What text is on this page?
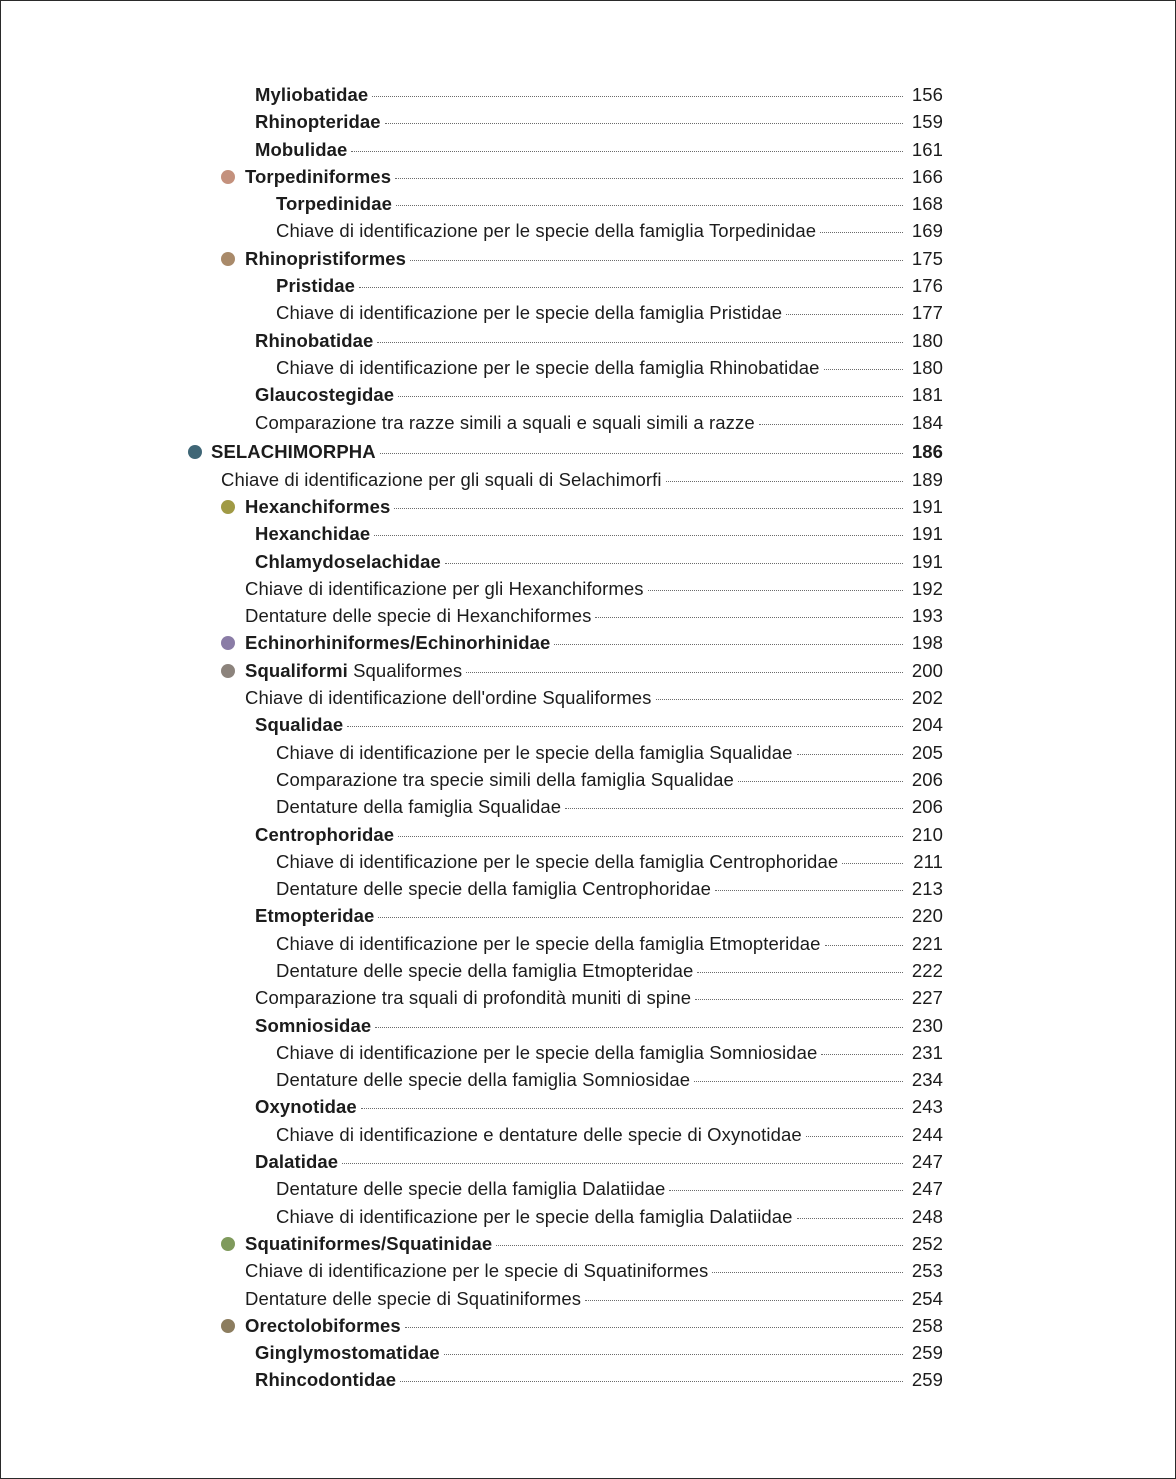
Myliobatidae	156
Rhinopteridae	159
Mobulidae	161
Torpediniformes	166
Torpedinidae	168
Chiave di identificazione per le specie della famiglia Torpedinidae	169
Rhinopristiformes	175
Pristidae	176
Chiave di identificazione per le specie della famiglia Pristidae	177
Rhinobatidae	180
Chiave di identificazione per le specie della famiglia Rhinobatidae	180
Glaucostegidae	181
Comparazione tra razze simili a squali e squali simili a razze	184
SELACHIMORPHA	186
Chiave di identificazione per gli squali di Selachimorfi	189
Hexanchiformes	191
Hexanchidae	191
Chlamydoselachidae	191
Chiave di identificazione per gli Hexanchiformes	192
Dentature delle specie di Hexanchiformes	193
Echinorhiniformes/Echinorhinidae	198
Squaliformi Squaliformes	200
Chiave di identificazione dell'ordine Squaliformes	202
Squalidae	204
Chiave di identificazione per le specie della famiglia Squalidae	205
Comparazione tra specie simili della famiglia Squalidae	206
Dentature della famiglia Squalidae	206
Centrophoridae	210
Chiave di identificazione per le specie della famiglia Centrophoridae	211
Dentature delle specie della famiglia Centrophoridae	213
Etmopteridae	220
Chiave di identificazione per le specie della famiglia Etmopteridae	221
Dentature delle specie della famiglia Etmopteridae	222
Comparazione tra squali di profondità muniti di spine	227
Somniosidae	230
Chiave di identificazione per le specie della famiglia Somniosidae	231
Dentature delle specie della famiglia Somniosidae	234
Oxynotidae	243
Chiave di identificazione e dentature delle specie di Oxynotidae	244
Dalatidae	247
Dentature delle specie della famiglia Dalatiidae	247
Chiave di identificazione per le specie della famiglia Dalatiidae	248
Squatiniformes/Squatinidae	252
Chiave di identificazione per le specie di Squatiniformes	253
Dentature delle specie di Squatiniformes	254
Orectolobiformes	258
Ginglymostomatidae	259
Rhincodontidae	259
